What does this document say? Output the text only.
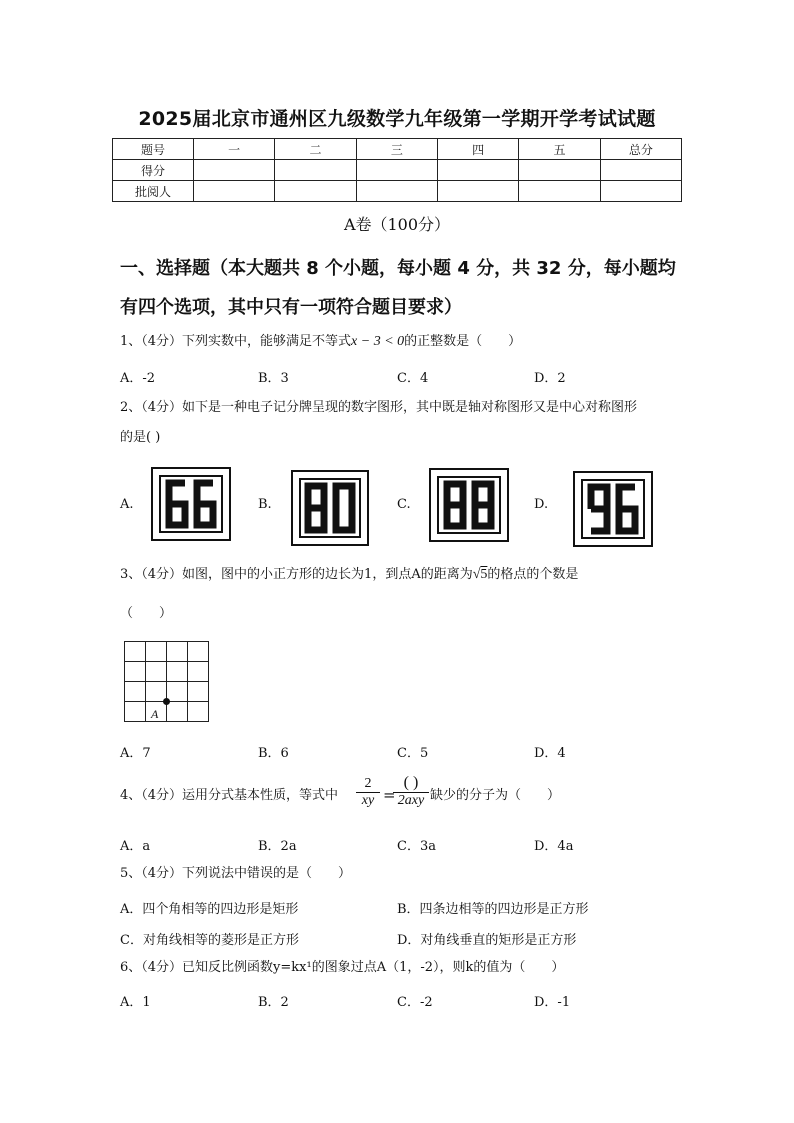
2025届北京市通州区九级数学九年级第一学期开学考试试题
题号	一	二	三	四	五	总分
得分						
批阅人						
A卷（100分）
一、选择题（本大题共 8 个小题，每小题 4 分，共 32 分，每小题均
有四个选项，其中只有一项符合题目要求）
1、（4分）下列实数中，能够满足不等式x − 3 < 0的正整数是（　　）
A．-2	B．3	C．4	D．2
2、（4分）如下是一种电子记分牌呈现的数字图形，其中既是轴对称图形又是中心对称图形
的是( )
A.	B.	C.	D.
3、（4分）如图，图中的小正方形的边长为1，到点A的距离为√5的格点的个数是
（　　）
A
A．7	B．6	C．5	D．4
4、（4分）运用分式基本性质，等式中 $\frac{2}{xy}$ =
( )
2axy 缺少的分子为（　　）
A．a	B．2a	C．3a	D．4a
5、（4分）下列说法中错误的是（　　）
A．四个角相等的四边形是矩形	B．四条边相等的四边形是正方形
C．对角线相等的菱形是正方形	D．对角线垂直的矩形是正方形
6、（4分）已知反比例函数y=kx¹的图象过点A（1，-2），则k的值为（　　）
A．1	B．2	C．-2	D．-1
